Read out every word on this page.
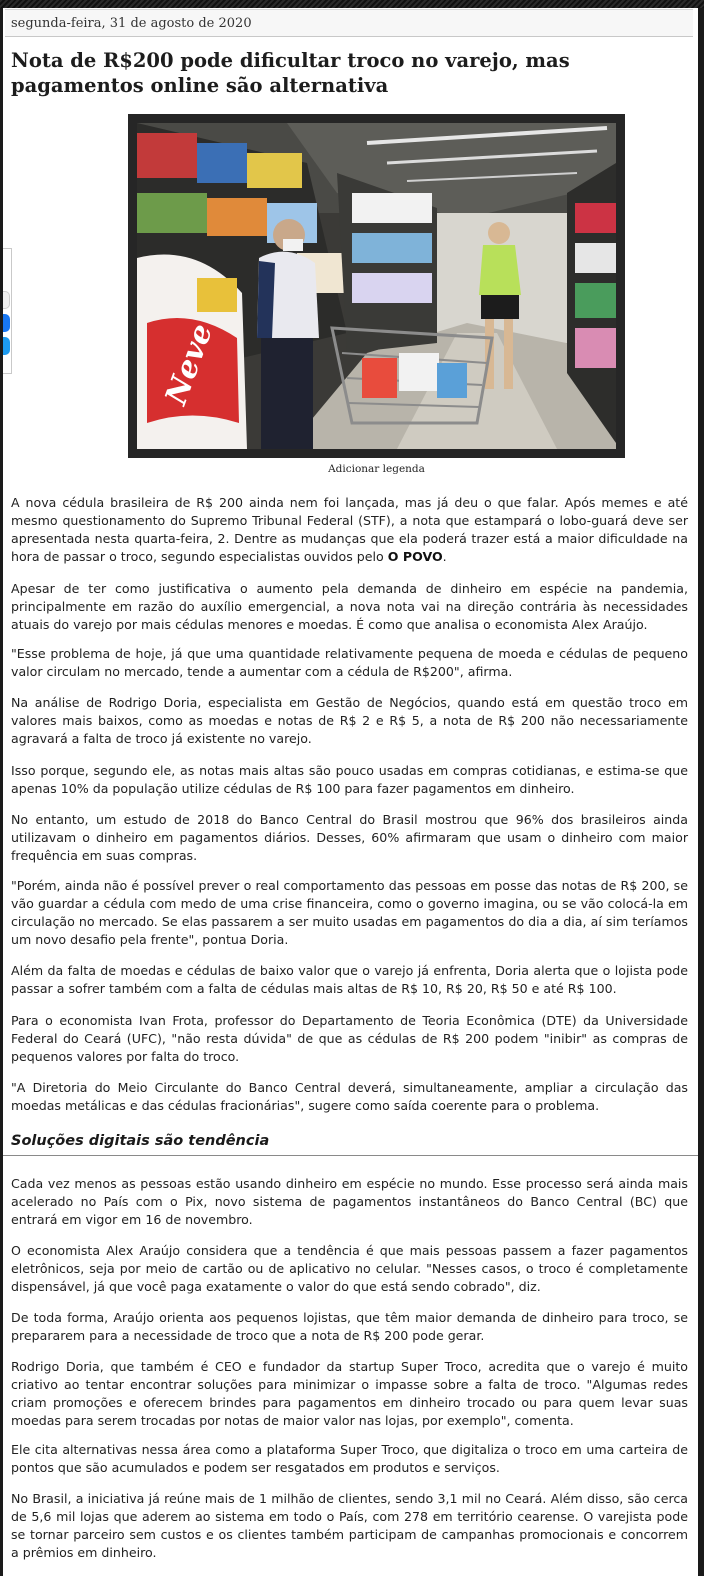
segunda-feira, 31 de agosto de 2020
Nota de R$200 pode dificultar troco no varejo, mas pagamentos online são alternativa
Neve
Adicionar legenda

A nova cédula brasileira de R$ 200 ainda nem foi lançada, mas já deu o que falar. Após memes e até mesmo questionamento do Supremo Tribunal Federal (STF), a nota que estampará o lobo-guará deve ser apresentada nesta quarta-feira, 2. Dentre as mudanças que ela poderá trazer está a maior dificuldade na hora de passar o troco, segundo especialistas ouvidos pelo O POVO.

Apesar de ter como justificativa o aumento pela demanda de dinheiro em espécie na pandemia, principalmente em razão do auxílio emergencial, a nova nota vai na direção contrária às necessidades atuais do varejo por mais cédulas menores e moedas. É como que analisa o economista Alex Araújo.

"Esse problema de hoje, já que uma quantidade relativamente pequena de moeda e cédulas de pequeno valor circulam no mercado, tende a aumentar com a cédula de R$200", afirma.

Na análise de Rodrigo Doria, especialista em Gestão de Negócios, quando está em questão troco em valores mais baixos, como as moedas e notas de R$ 2 e R$ 5, a nota de R$ 200 não necessariamente agravará a falta de troco já existente no varejo.

Isso porque, segundo ele, as notas mais altas são pouco usadas em compras cotidianas, e estima-se que apenas 10% da população utilize cédulas de R$ 100 para fazer pagamentos em dinheiro.

No entanto, um estudo de 2018 do Banco Central do Brasil mostrou que 96% dos brasileiros ainda utilizavam o dinheiro em pagamentos diários. Desses, 60% afirmaram que usam o dinheiro com maior frequência em suas compras.

"Porém, ainda não é possível prever o real comportamento das pessoas em posse das notas de R$ 200, se vão guardar a cédula com medo de uma crise financeira, como o governo imagina, ou se vão colocá-la em circulação no mercado. Se elas passarem a ser muito usadas em pagamentos do dia a dia, aí sim teríamos um novo desafio pela frente", pontua Doria.

Além da falta de moedas e cédulas de baixo valor que o varejo já enfrenta, Doria alerta que o lojista pode passar a sofrer também com a falta de cédulas mais altas de R$ 10, R$ 20, R$ 50 e até R$ 100.

Para o economista Ivan Frota, professor do Departamento de Teoria Econômica (DTE) da Universidade Federal do Ceará (UFC), "não resta dúvida" de que as cédulas de R$ 200 podem "inibir" as compras de pequenos valores por falta do troco.

"A Diretoria do Meio Circulante do Banco Central deverá, simultaneamente, ampliar a circulação das moedas metálicas e das cédulas fracionárias", sugere como saída coerente para o problema.

Soluções digitais são tendência

Cada vez menos as pessoas estão usando dinheiro em espécie no mundo. Esse processo será ainda mais acelerado no País com o Pix, novo sistema de pagamentos instantâneos do Banco Central (BC) que entrará em vigor em 16 de novembro.

O economista Alex Araújo considera que a tendência é que mais pessoas passem a fazer pagamentos eletrônicos, seja por meio de cartão ou de aplicativo no celular. "Nesses casos, o troco é completamente dispensável, já que você paga exatamente o valor do que está sendo cobrado", diz.

De toda forma, Araújo orienta aos pequenos lojistas, que têm maior demanda de dinheiro para troco, se prepararem para a necessidade de troco que a nota de R$ 200 pode gerar.

Rodrigo Doria, que também é CEO e fundador da startup Super Troco, acredita que o varejo é muito criativo ao tentar encontrar soluções para minimizar o impasse sobre a falta de troco. "Algumas redes criam promoções e oferecem brindes para pagamentos em dinheiro trocado ou para quem levar suas moedas para serem trocadas por notas de maior valor nas lojas, por exemplo", comenta.

Ele cita alternativas nessa área como a plataforma Super Troco, que digitaliza o troco em uma carteira de pontos que são acumulados e podem ser resgatados em produtos e serviços.

No Brasil, a iniciativa já reúne mais de 1 milhão de clientes, sendo 3,1 mil no Ceará. Além disso, são cerca de 5,6 mil lojas que aderem ao sistema em todo o País, com 278 em território cearense. O varejista pode se tornar parceiro sem custos e os clientes também participam de campanhas promocionais e concorrem a prêmios em dinheiro.
